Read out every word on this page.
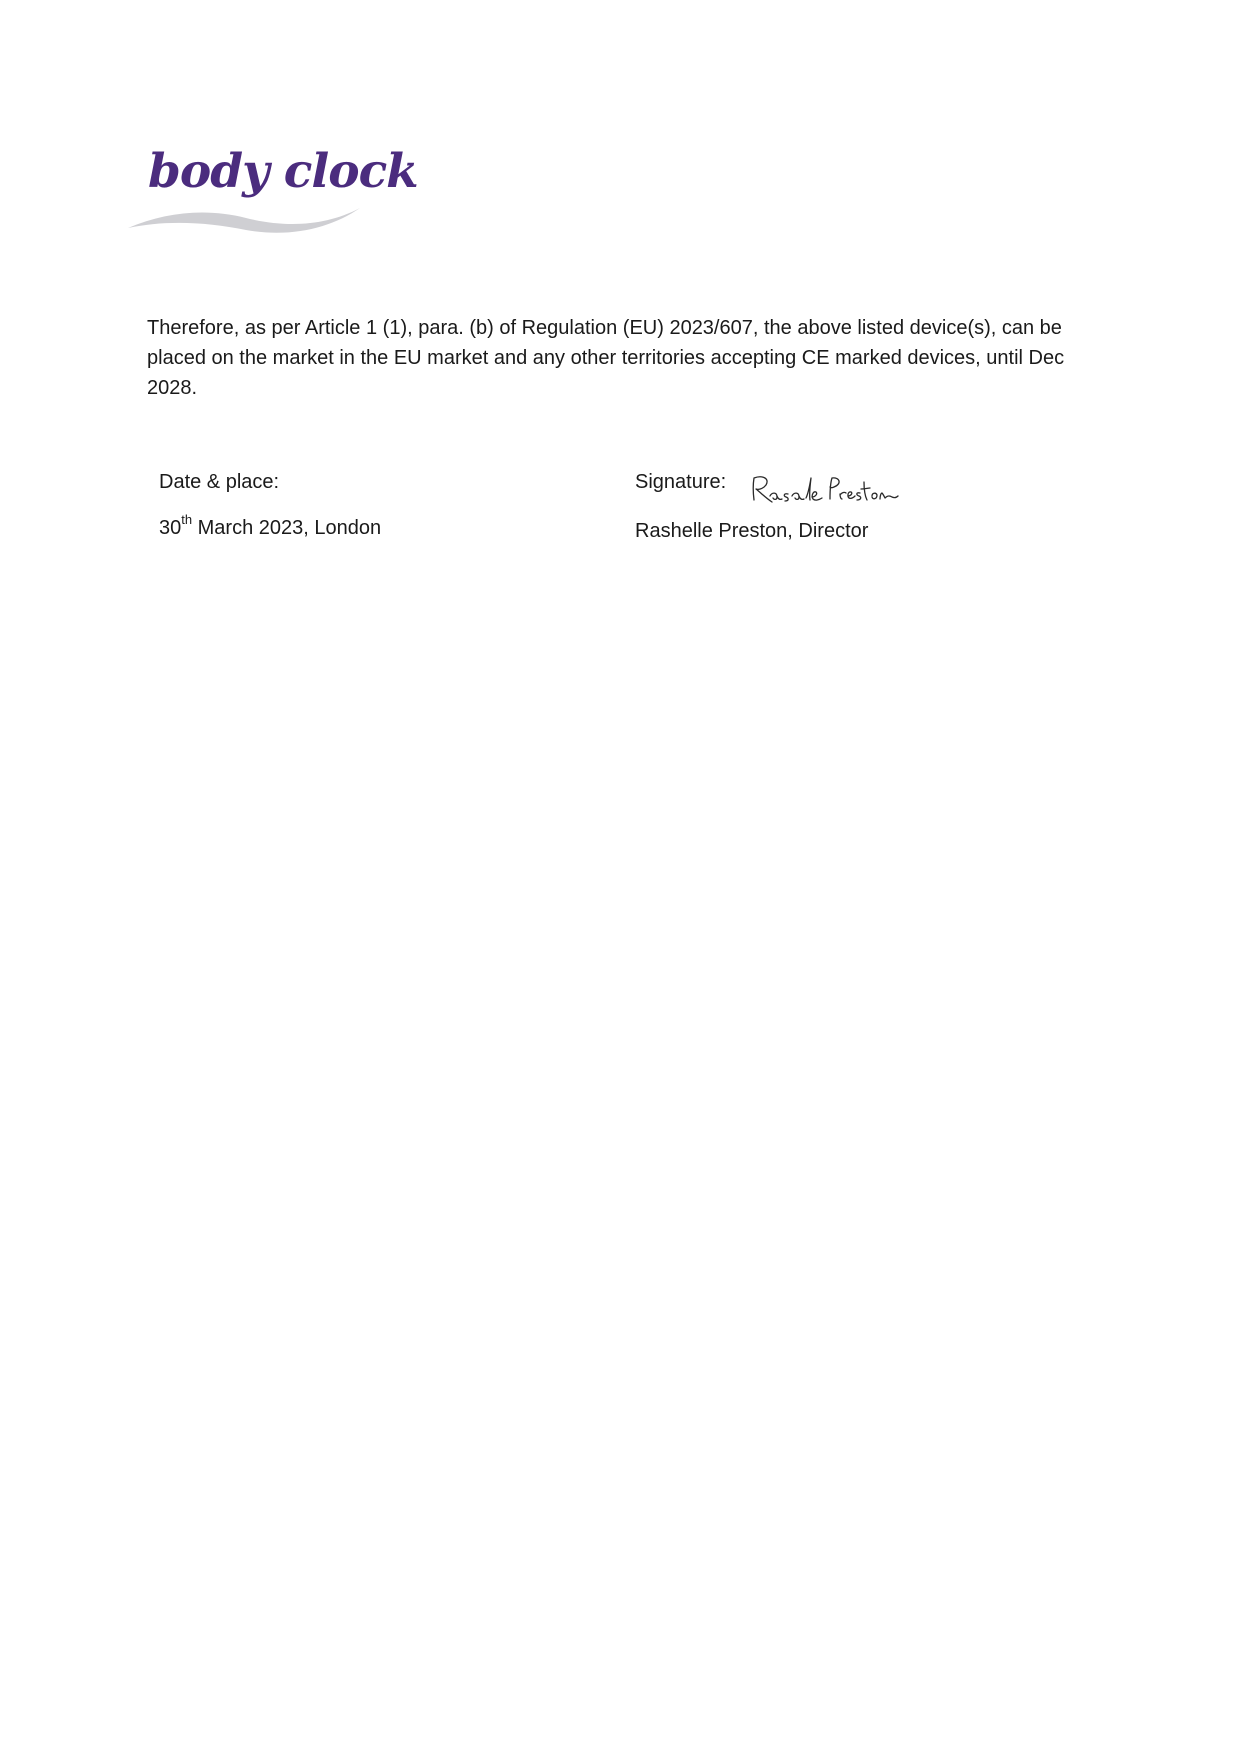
body clock
Therefore, as per Article 1 (1), para. (b) of Regulation (EU) 2023/607, the above listed device(s), can be placed on the market in the EU market and any other territories accepting CE marked devices, until Dec 2028.
Date & place:
30th March 2023, London
Signature:
Rashelle Preston, Director
